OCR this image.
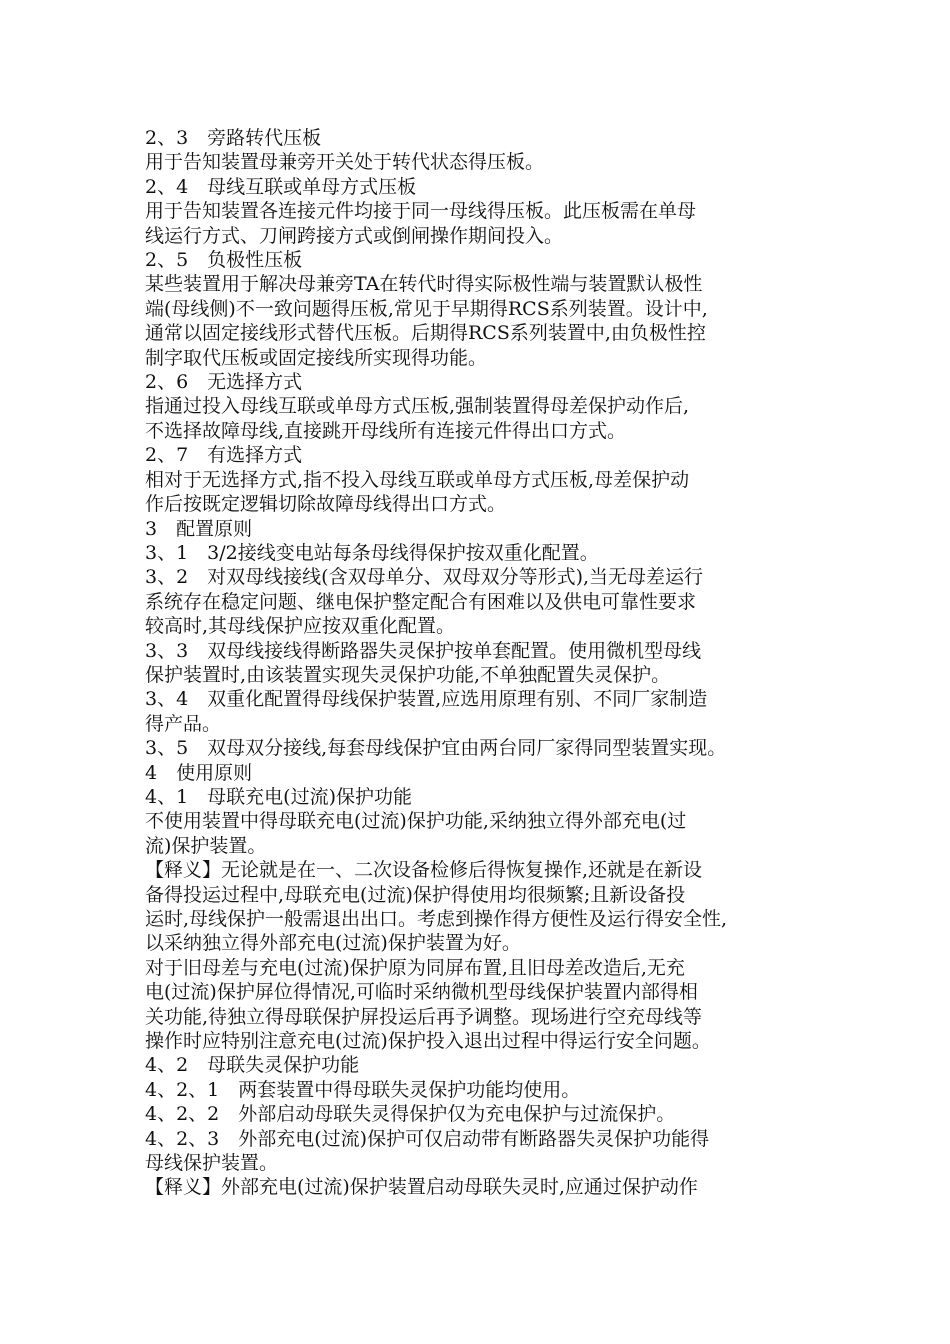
2、3　旁路转代压板
用于告知装置母兼旁开关处于转代状态得压板。
2、4　母线互联或单母方式压板
用于告知装置各连接元件均接于同一母线得压板。此压板需在单母
线运行方式、刀闸跨接方式或倒闸操作期间投入。
2、5　负极性压板
某些装置用于解决母兼旁TA在转代时得实际极性端与装置默认极性
端(母线侧)不一致问题得压板,常见于早期得RCS系列装置。设计中,
通常以固定接线形式替代压板。后期得RCS系列装置中,由负极性控
制字取代压板或固定接线所实现得功能。
2、6　无选择方式
指通过投入母线互联或单母方式压板,强制装置得母差保护动作后,
不选择故障母线,直接跳开母线所有连接元件得出口方式。
2、7　有选择方式
相对于无选择方式,指不投入母线互联或单母方式压板,母差保护动
作后按既定逻辑切除故障母线得出口方式。
3　配置原则
3、1　3/2接线变电站每条母线得保护按双重化配置。
3、2　对双母线接线(含双母单分、双母双分等形式),当无母差运行
系统存在稳定问题、继电保护整定配合有困难以及供电可靠性要求
较高时,其母线保护应按双重化配置。
3、3　双母线接线得断路器失灵保护按单套配置。使用微机型母线
保护装置时,由该装置实现失灵保护功能,不单独配置失灵保护。
3、4　双重化配置得母线保护装置,应选用原理有别、不同厂家制造
得产品。
3、5　双母双分接线,每套母线保护宜由两台同厂家得同型装置实现。
4　使用原则
4、1　母联充电(过流)保护功能
不使用装置中得母联充电(过流)保护功能,采纳独立得外部充电(过
流)保护装置。
【释义】无论就是在一、二次设备检修后得恢复操作,还就是在新设
备得投运过程中,母联充电(过流)保护得使用均很频繁;且新设备投
运时,母线保护一般需退出出口。考虑到操作得方便性及运行得安全性,
以采纳独立得外部充电(过流)保护装置为好。
对于旧母差与充电(过流)保护原为同屏布置,且旧母差改造后,无充
电(过流)保护屏位得情况,可临时采纳微机型母线保护装置内部得相
关功能,待独立得母联保护屏投运后再予调整。现场进行空充母线等
操作时应特别注意充电(过流)保护投入退出过程中得运行安全问题。
4、2　母联失灵保护功能
4、2、1　两套装置中得母联失灵保护功能均使用。
4、2、2　外部启动母联失灵得保护仅为充电保护与过流保护。
4、2、3　外部充电(过流)保护可仅启动带有断路器失灵保护功能得
母线保护装置。
【释义】外部充电(过流)保护装置启动母联失灵时,应通过保护动作
